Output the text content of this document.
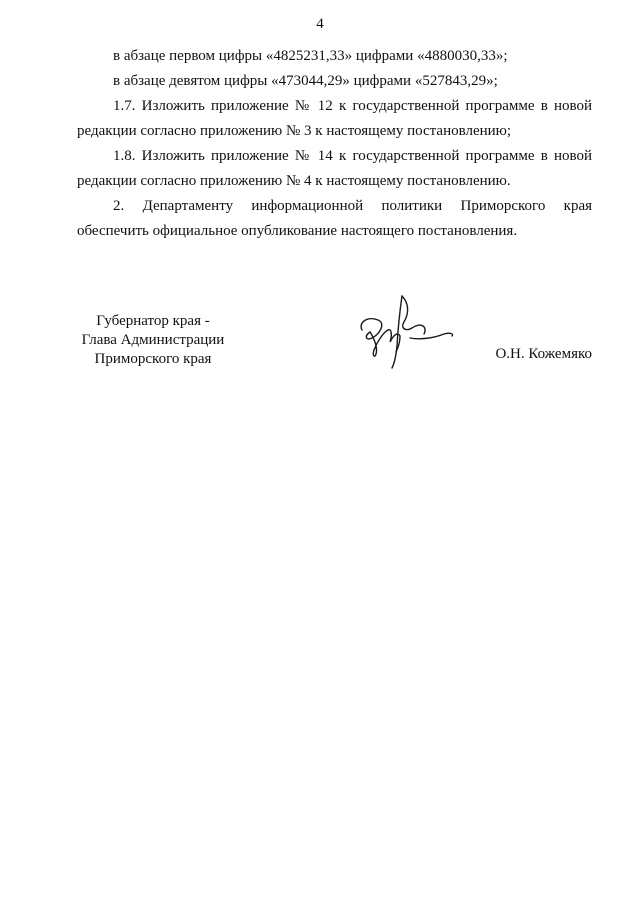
4

в абзаце первом цифры «4825231,33» цифрами «4880030,33»;

в абзаце девятом цифры «473044,29» цифрами «527843,29»;

1.7. Изложить приложение № 12 к государственной программе в новой редакции согласно приложению № 3 к настоящему постановлению;

1.8. Изложить приложение № 14 к государственной программе в новой редакции согласно приложению № 4 к настоящему постановлению.

2. Департаменту информационной политики Приморского края обеспечить официальное опубликование настоящего постановления.

Губернатор края -
Глава Администрации
Приморского края	О.Н. Кожемяко
